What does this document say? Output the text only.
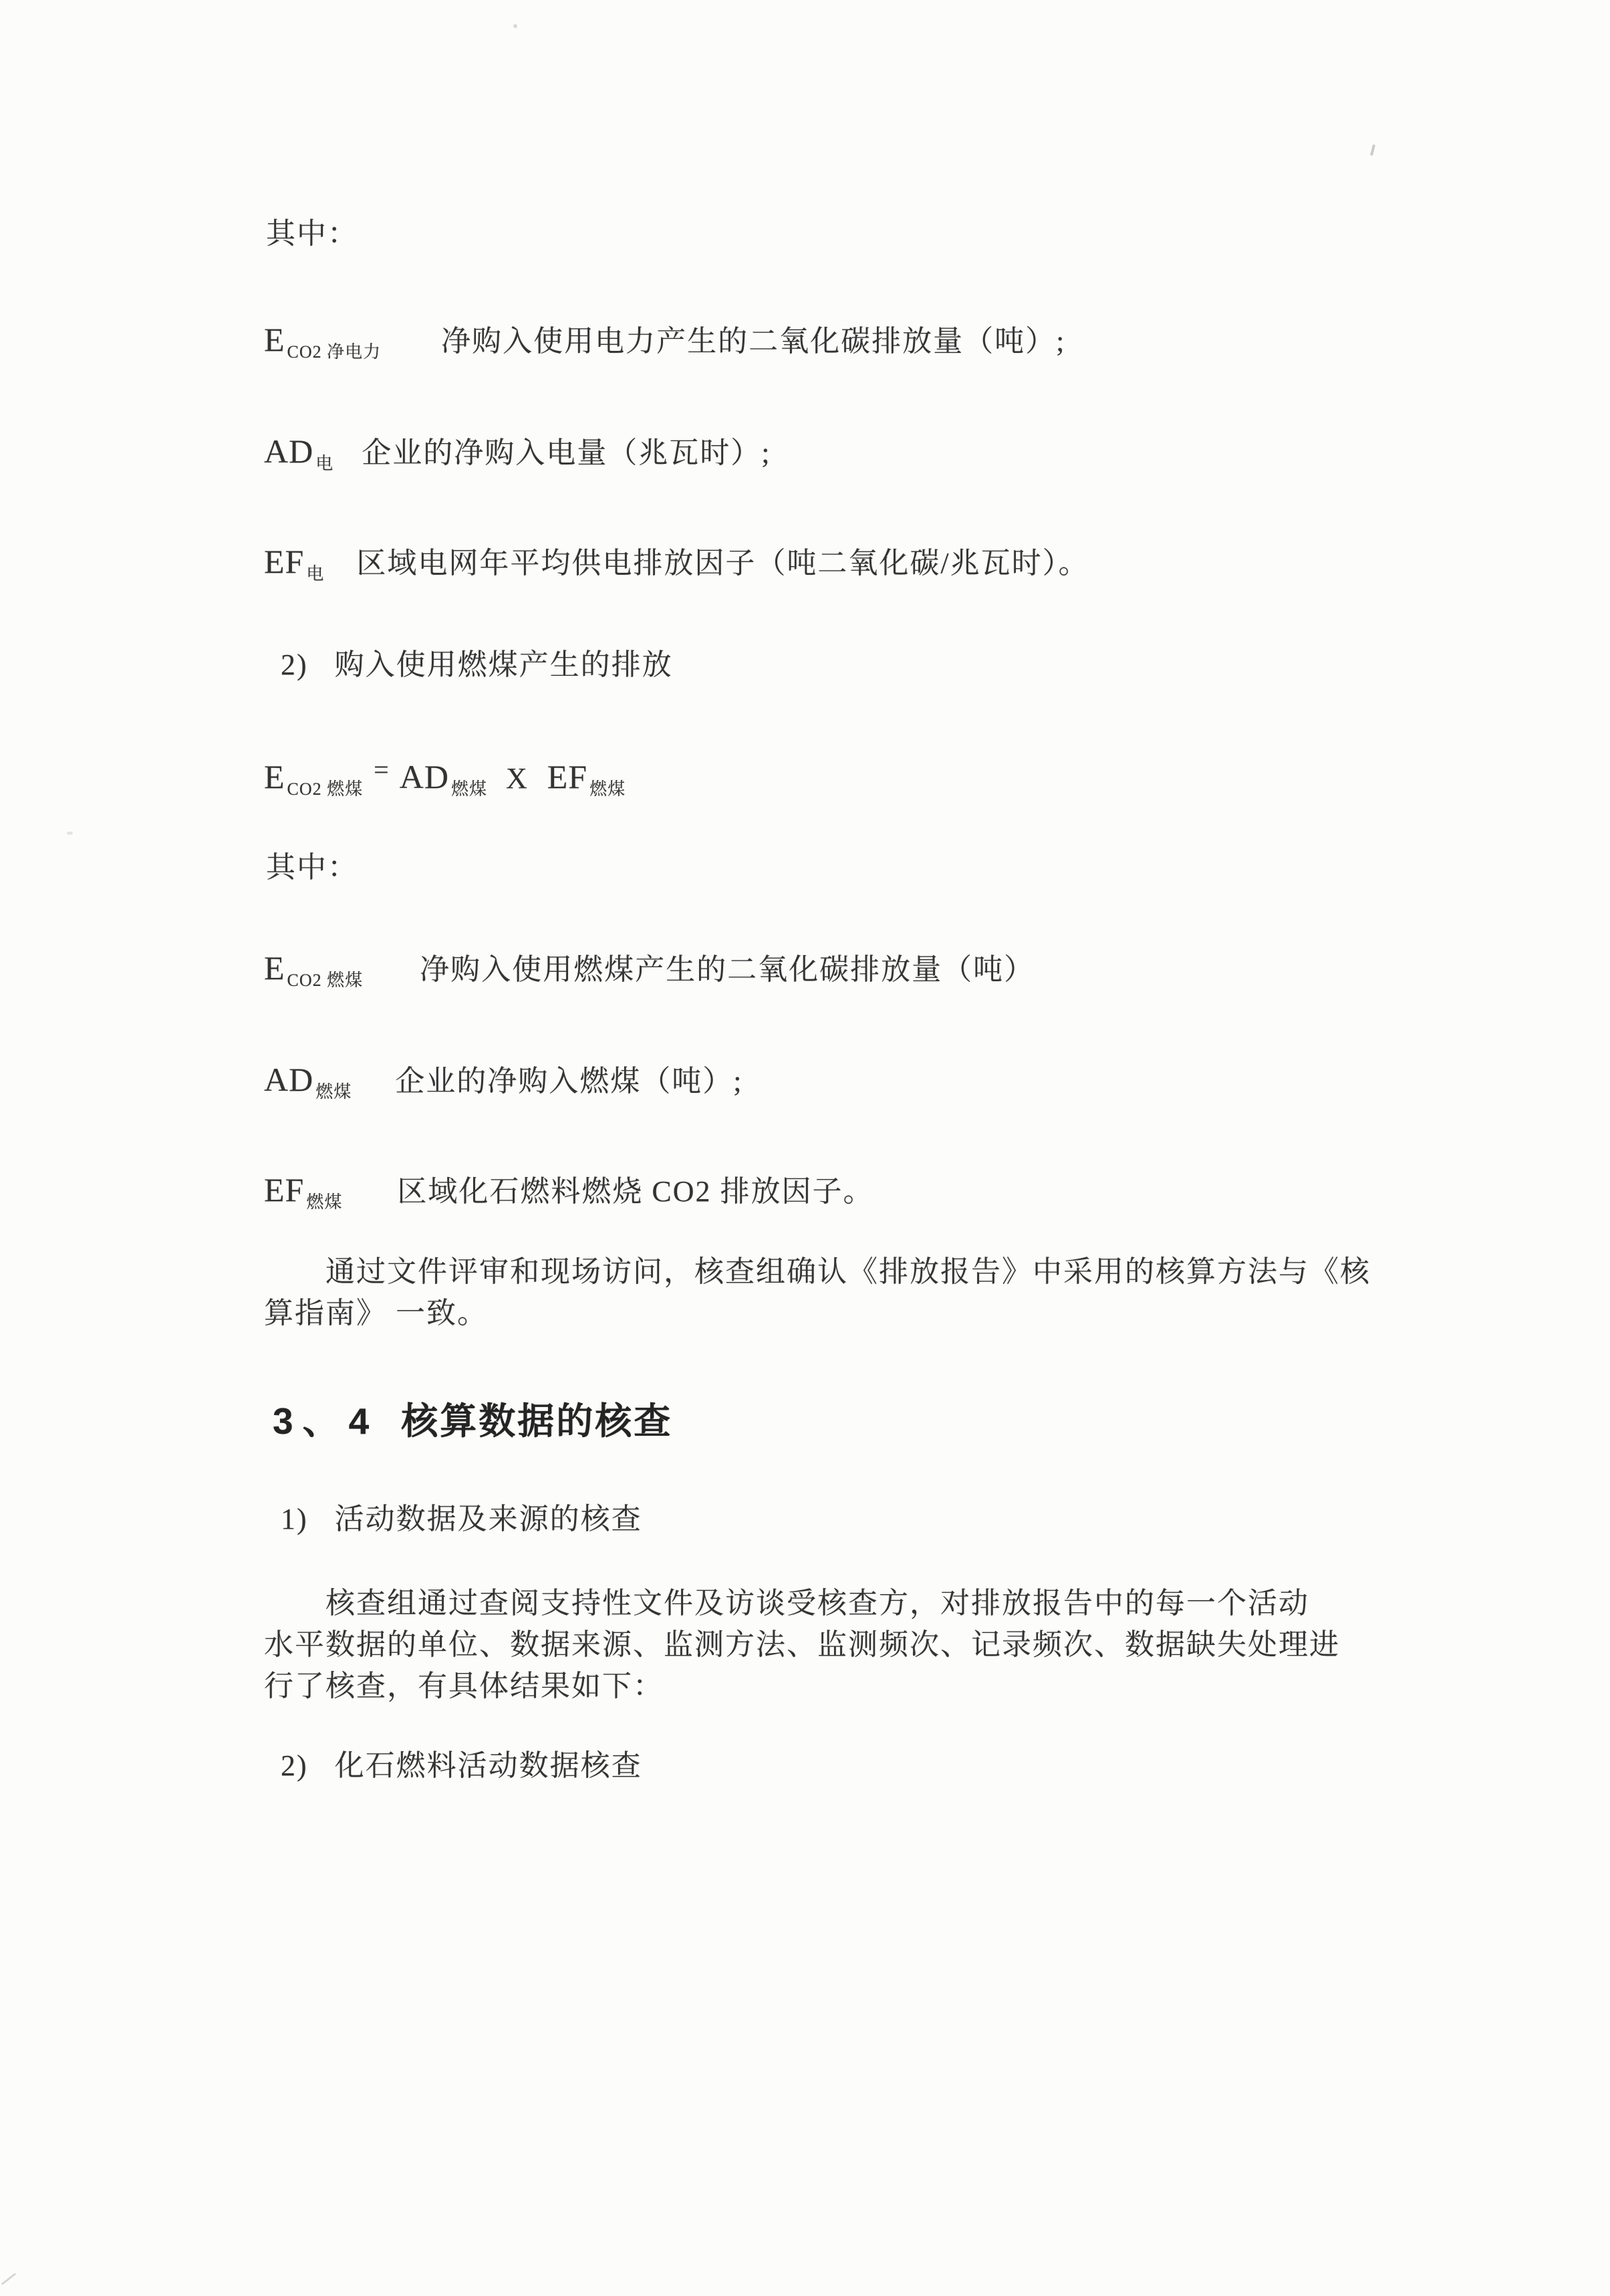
其中：
E $_{CO2 净电力}$ 净购入使用电力产生的二氧化碳排放量（吨）;
AD $_电$ 企业的净购入电量（兆瓦时）;
EF $_电$ 区域电网年平均供电排放因子（吨二氧化碳/兆瓦时）。
2) 购入使用燃煤产生的排放
E $_{CO2 燃煤}$= AD $_{燃煤}$ X EF $_{燃煤}$
其中：
E $_{CO2 燃煤}$ 净购入使用燃煤产生的二氧化碳排放量（吨）
AD $_{燃煤}$ 企业的净购入燃煤（吨）;
EF $_{燃煤}$ 区域化石燃料燃烧 CO2 排放因子。
通过文件评审和现场访问，核查组确认《排放报告》中采用的核算方法与《核
算指南》 一致。
3、4 核算数据的核查
1) 活动数据及来源的核查
核查组通过查阅支持性文件及访谈受核查方，对排放报告中的每一个活动
水平数据的单位、数据来源、监测方法、监测频次、记录频次、数据缺失处理进
行了核查，有具体结果如下：
2) 化石燃料活动数据核查
